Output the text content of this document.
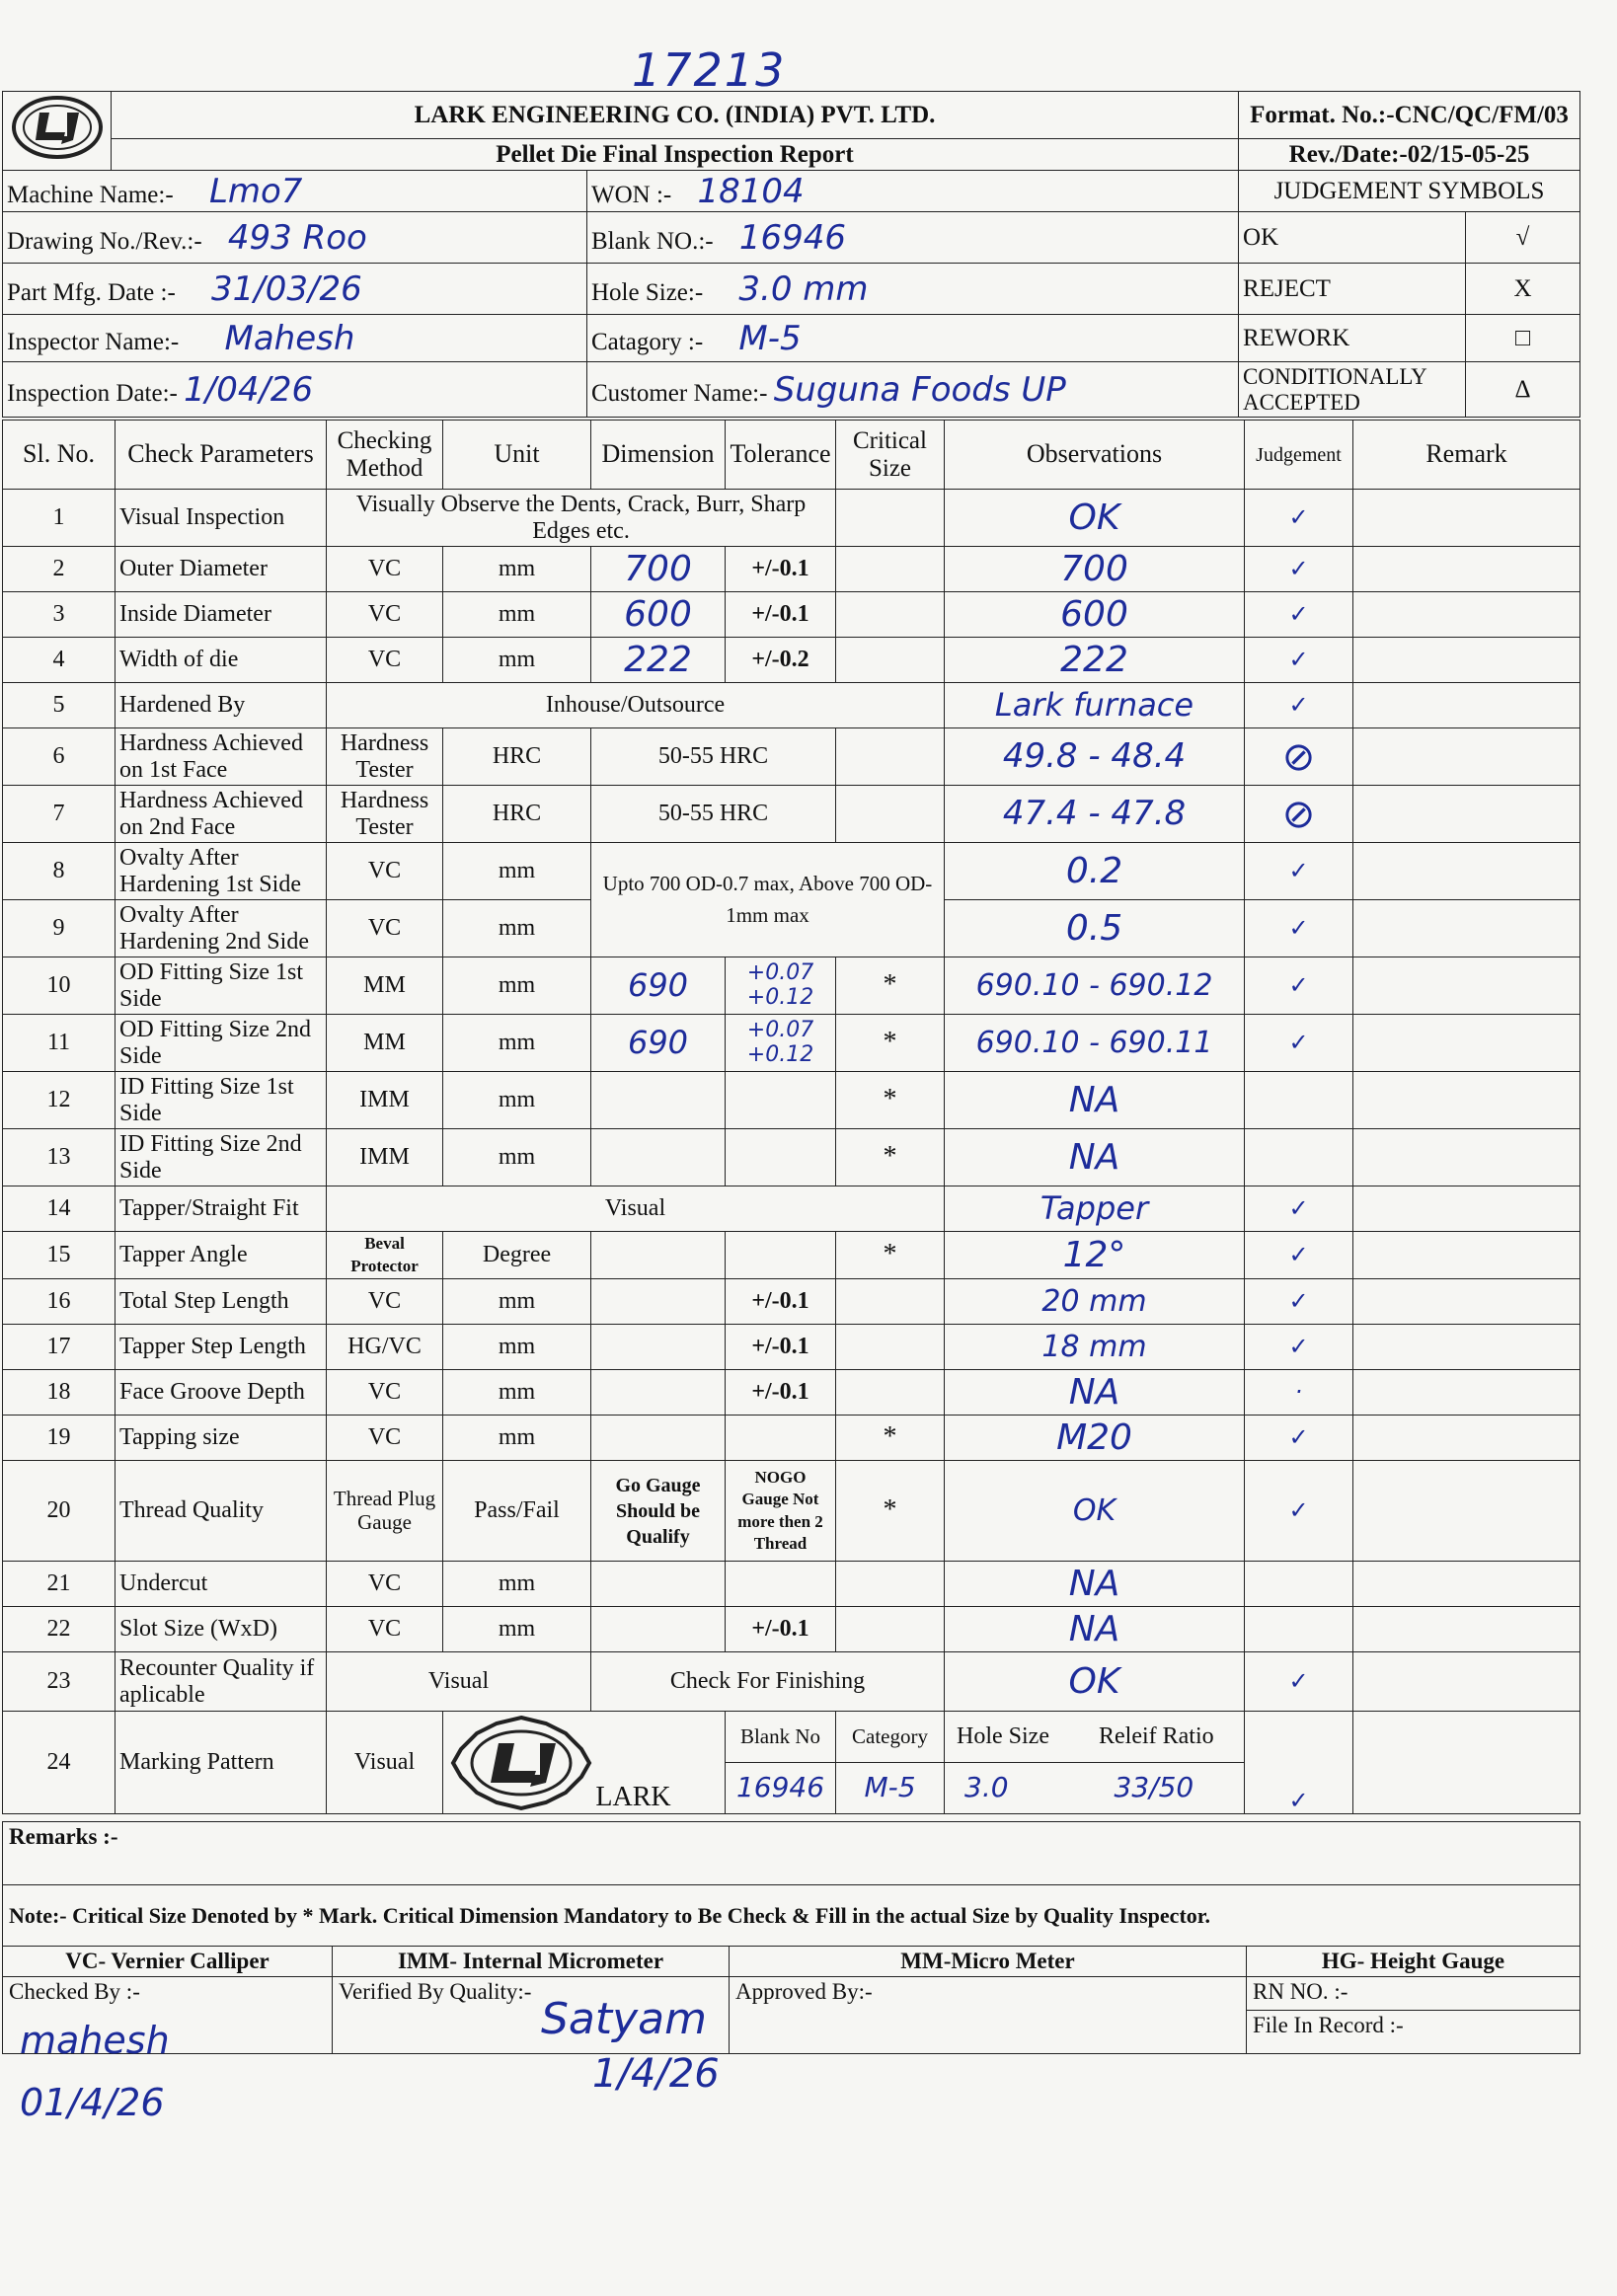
17213
	LARK ENGINEERING CO. (INDIA) PVT. LTD.		Format. No.:-CNC/QC/FM/03	
	Pellet Die Final Inspection Report		Rev./Date:-02/15-05-25	
Machine Name:- Lmo7		WON :- 18104	JUDGEMENT SYMBOLS	
Drawing No./Rev.:- 493 Roo		Blank NO.:- 16946	OK	√
Part Mfg. Date :- 31/03/26		Hole Size:- 3.0 mm	REJECT	X
Inspector Name:- Mahesh		Catagory :- M-5	REWORK	□
Inspection Date:- 1/04/26		Customer Name:- Suguna Foods UP	CONDITIONALLY ACCEPTED	Δ
Sl. No.	Check Parameters	Checking Method	Unit	Dimension	Tolerance	Critical Size	Observations	Judgement	Remark
1	Visual Inspection	Visually Observe the Dents, Crack, Burr, Sharp Edges etc.					OK	✓	
2	Outer Diameter	VC	mm	700	+/-0.1		700	✓	
3	Inside Diameter	VC	mm	600	+/-0.1		600	✓	
4	Width of die	VC	mm	222	+/-0.2		222	✓	
5	Hardened By	Inhouse/Outsource					Lark furnace	✓	
6	Hardness Achieved on 1st Face	Hardness Tester	HRC	50-55 HRC			49.8 - 48.4	⊘	
7	Hardness Achieved on 2nd Face	Hardness Tester	HRC	50-55 HRC			47.4 - 47.8	⊘	
8	Ovalty After Hardening 1st Side	VC	mm	Upto 700 OD-0.7 max, Above 700 OD-1mm max			0.2	✓	
9	Ovalty After Hardening 2nd Side	VC	mm				0.5	✓	
10	OD Fitting Size 1st Side	MM	mm	690	+0.07 +0.12	*	690.10 - 690.12	✓	
11	OD Fitting Size 2nd Side	MM	mm	690	+0.07 +0.12	*	690.10 - 690.11	✓	
12	ID Fitting Size 1st Side	IMM	mm			*	NA		
13	ID Fitting Size 2nd Side	IMM	mm			*	NA		
14	Tapper/Straight Fit	Visual					Tapper	✓	
15	Tapper Angle	Beval Protector	Degree			*	12°	✓	
16	Total Step Length	VC	mm		+/-0.1		20 mm	✓	
17	Tapper Step Length	HG/VC	mm		+/-0.1		18 mm	✓	
18	Face Groove Depth	VC	mm		+/-0.1		NA	·	
19	Tapping size	VC	mm			*	M20	✓	
20	Thread Quality	Thread Plug Gauge	Pass/Fail	Go Gauge Should be Qualify	NOGO Gauge Not more then 2 Thread	*	OK	✓	
21	Undercut	VC	mm				NA		
22	Slot Size (WxD)	VC	mm		+/-0.1		NA		
23	Recounter Quality if aplicable	Visual		Check For Finishing			OK	✓	
24	Marking Pattern	Visual	LARK		Blank No	Category	Hole Size Releif Ratio	✓	
					16946	M-5	3.0 33/50		
Remarks :-			
Note:- Critical Size Denoted by * Mark. Critical Dimension Mandatory to Be Check & Fill in the actual Size by Quality Inspector.			
VC- Vernier Calliper	IMM- Internal Micrometer	MM-Micro Meter	HG- Height Gauge
Checked By :-	Verified By Quality:-	Approved By:-	RN NO. :-
			File In Record :-
mahesh
01/4/26
Satyam
1/4/26
